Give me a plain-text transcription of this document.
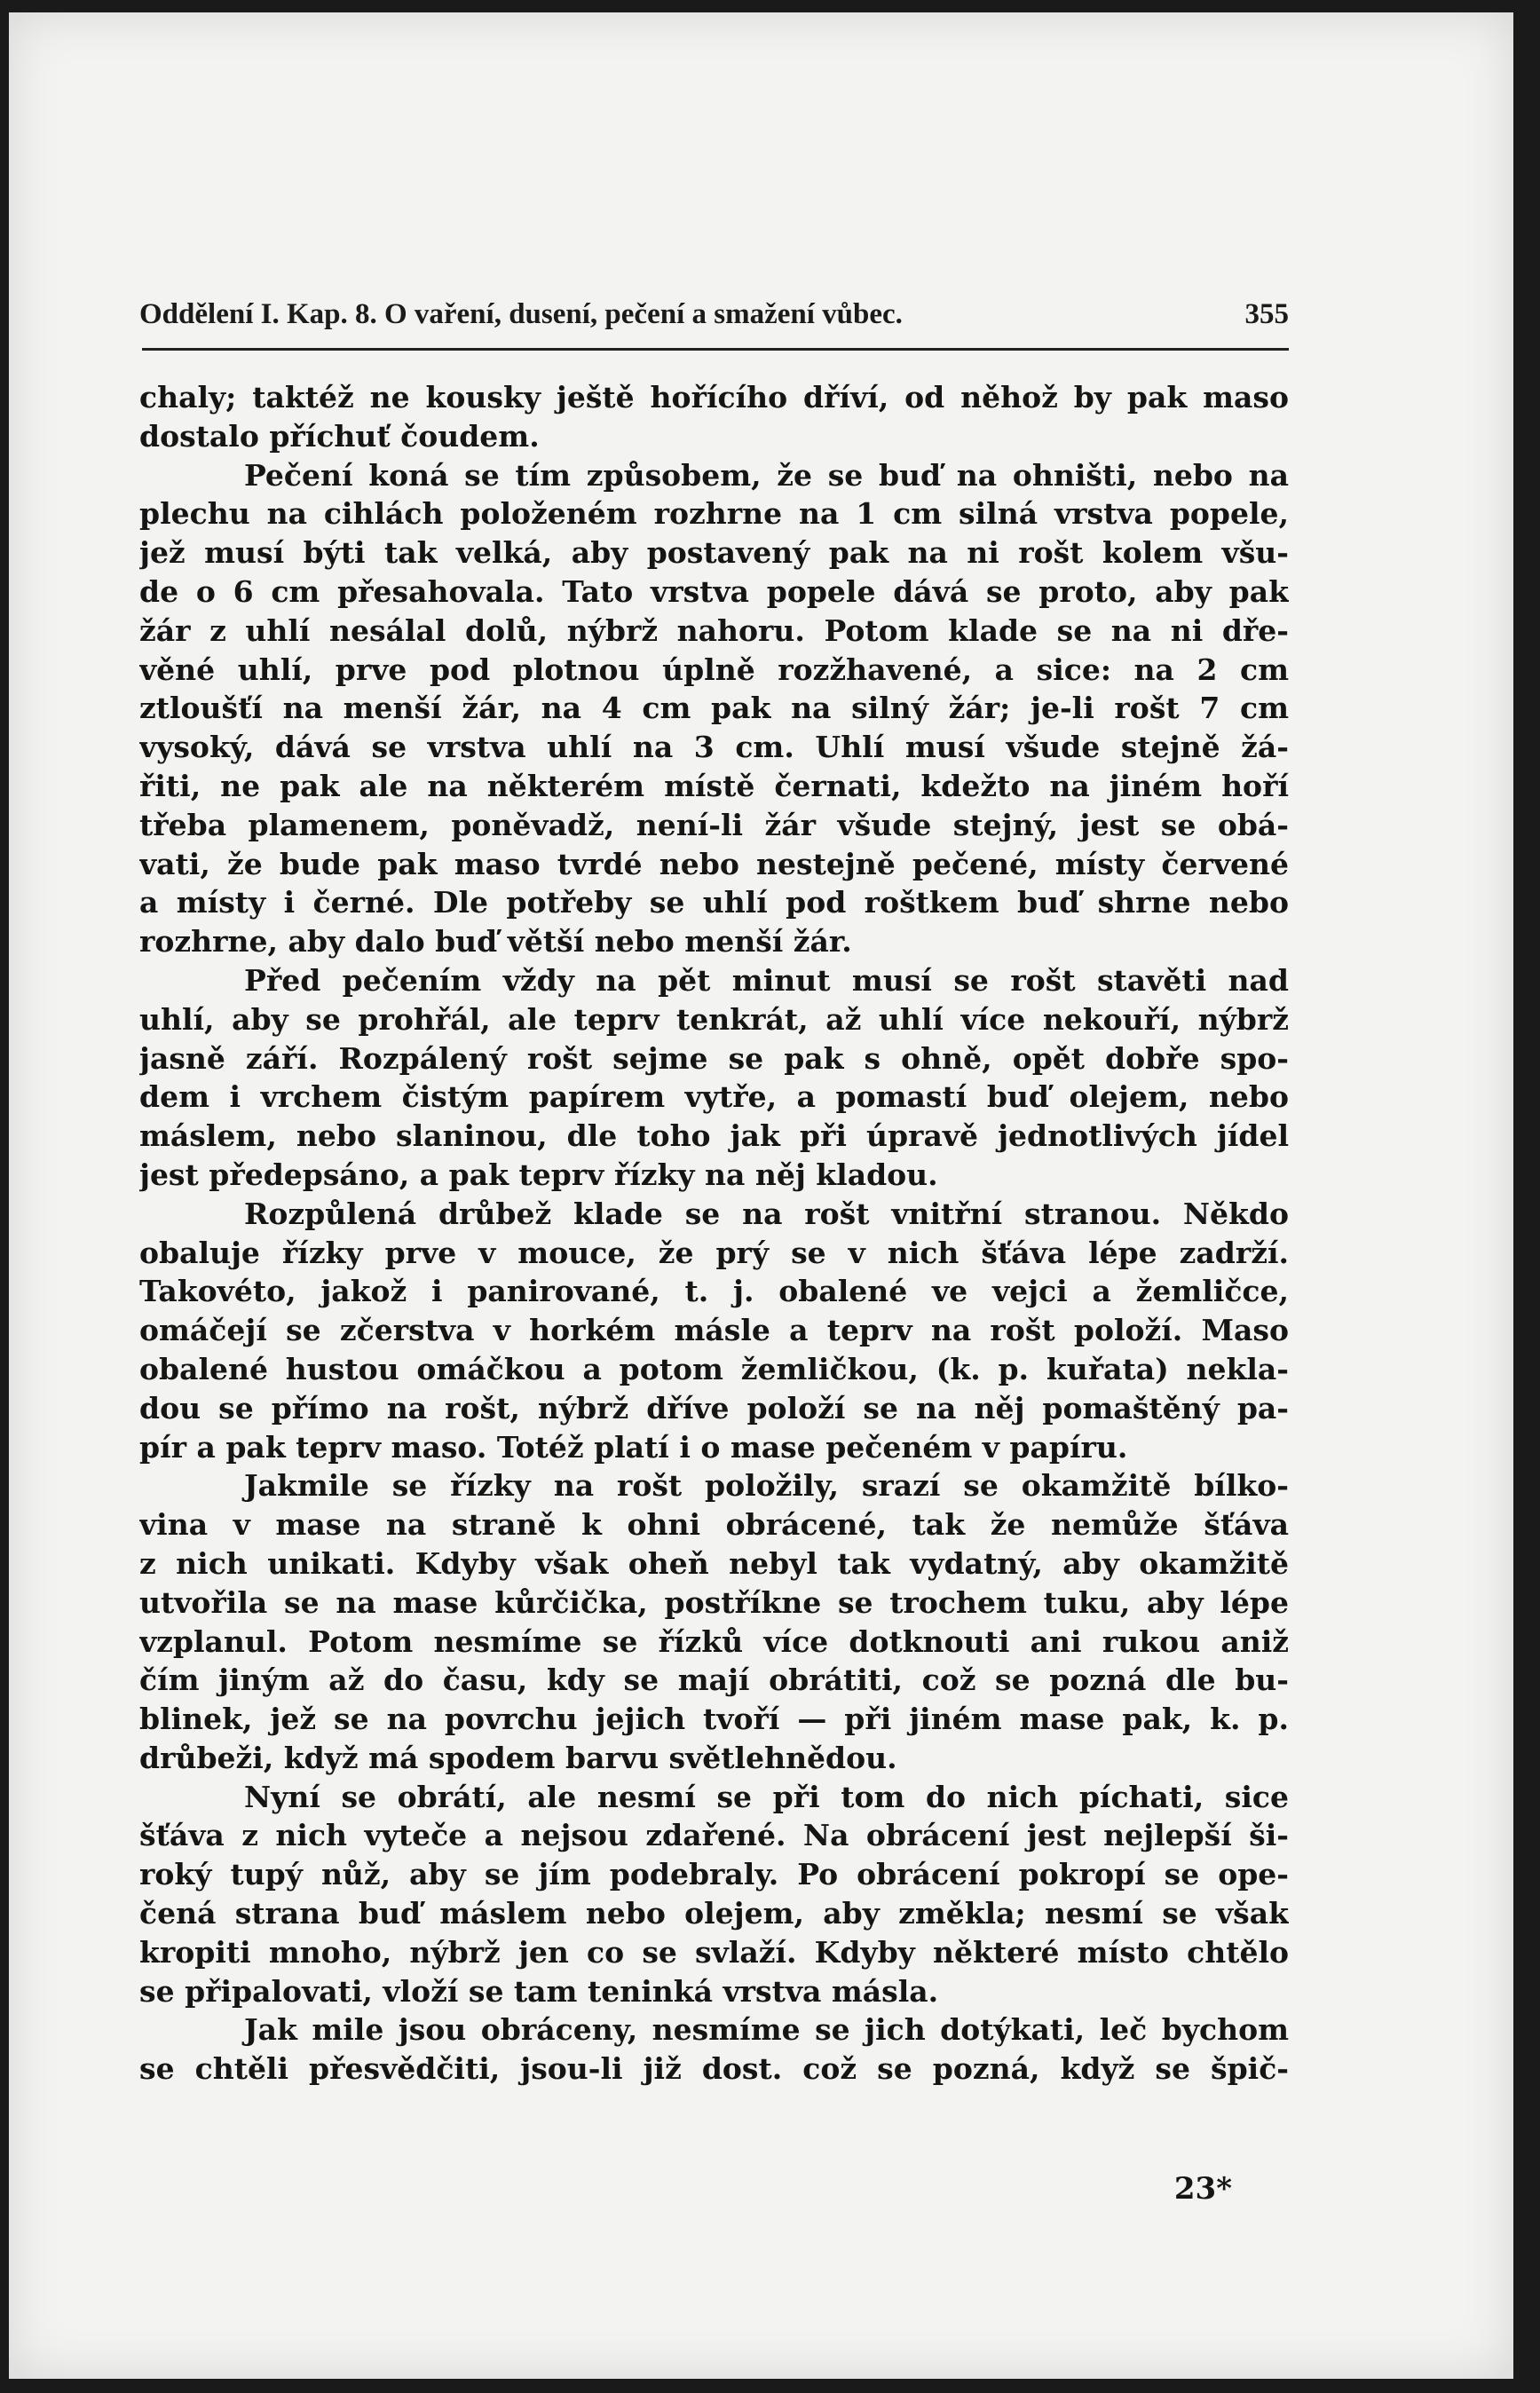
Oddělení I. Kap. 8. O vaření, dusení, pečení a smažení vůbec.	355
chaly; taktéž ne kousky ještě hořícího dříví, od něhož by pak maso
dostalo příchuť čoudem.
Pečení koná se tím způsobem, že se buď na ohništi, nebo na
plechu na cihlách položeném rozhrne na 1 cm silná vrstva popele,
jež musí býti tak velká, aby postavený pak na ni rošt kolem všu-
de o 6 cm přesahovala. Tato vrstva popele dává se proto, aby pak
žár z uhlí nesálal dolů, nýbrž nahoru. Potom klade se na ni dře-
věné uhlí, prve pod plotnou úplně rozžhavené, a sice: na 2 cm
ztloušťí na menší žár, na 4 cm pak na silný žár; je-li rošt 7 cm
vysoký, dává se vrstva uhlí na 3 cm. Uhlí musí všude stejně žá-
řiti, ne pak ale na některém místě černati, kdežto na jiném hoří
třeba plamenem, poněvadž, není-li žár všude stejný, jest se obá-
vati, že bude pak maso tvrdé nebo nestejně pečené, místy červené
a místy i černé. Dle potřeby se uhlí pod roštkem buď shrne nebo
rozhrne, aby dalo buď větší nebo menší žár.
Před pečením vždy na pět minut musí se rošt stavěti nad
uhlí, aby se prohřál, ale teprv tenkrát, až uhlí více nekouří, nýbrž
jasně září. Rozpálený rošt sejme se pak s ohně, opět dobře spo-
dem i vrchem čistým papírem vytře, a pomastí buď olejem, nebo
máslem, nebo slaninou, dle toho jak při úpravě jednotlivých jídel
jest předepsáno, a pak teprv řízky na něj kladou.
Rozpůlená drůbež klade se na rošt vnitřní stranou. Někdo
obaluje řízky prve v mouce, že prý se v nich šťáva lépe zadrží.
Takovéto, jakož i panirované, t. j. obalené ve vejci a žemličce,
omáčejí se zčerstva v horkém másle a teprv na rošt položí. Maso
obalené hustou omáčkou a potom žemličkou, (k. p. kuřata) nekla-
dou se přímo na rošt, nýbrž dříve položí se na něj pomaštěný pa-
pír a pak teprv maso. Totéž platí i o mase pečeném v papíru.
Jakmile se řízky na rošt položily, srazí se okamžitě bílko-
vina v mase na straně k ohni obrácené, tak že nemůže šťáva
z nich unikati. Kdyby však oheň nebyl tak vydatný, aby okamžitě
utvořila se na mase kůrčička, postříkne se trochem tuku, aby lépe
vzplanul. Potom nesmíme se řízků více dotknouti ani rukou aniž
čím jiným až do času, kdy se mají obrátiti, což se pozná dle bu-
blinek, jež se na povrchu jejich tvoří — při jiném mase pak, k. p.
drůbeži, když má spodem barvu světlehnědou.
Nyní se obrátí, ale nesmí se při tom do nich píchati, sice
šťáva z nich vyteče a nejsou zdařené. Na obrácení jest nejlepší ši-
roký tupý nůž, aby se jím podebraly. Po obrácení pokropí se ope-
čená strana buď máslem nebo olejem, aby změkla; nesmí se však
kropiti mnoho, nýbrž jen co se svlaží. Kdyby některé místo chtělo
se připalovati, vloží se tam teninká vrstva másla.
Jak mile jsou obráceny, nesmíme se jich dotýkati, leč bychom
se chtěli přesvědčiti, jsou-li již dost. což se pozná, když se špič-
23*
